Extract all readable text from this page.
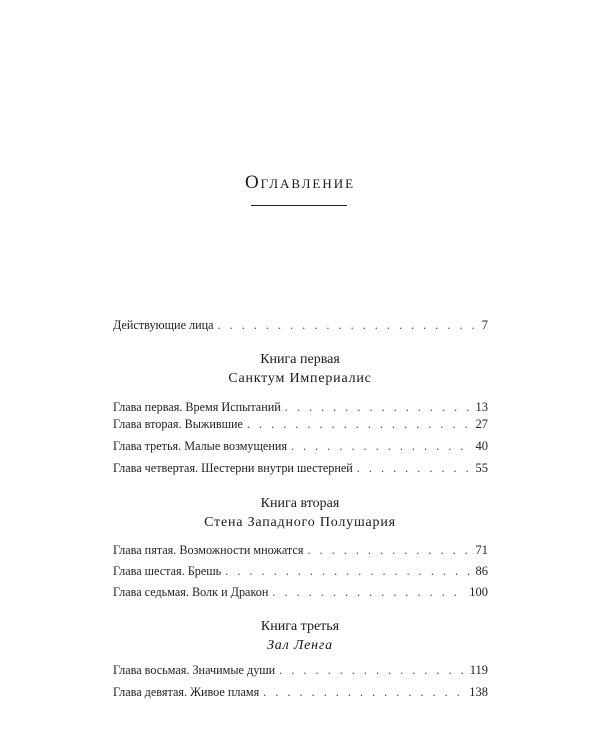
Оглавление
Действующие лица . . .	7
Книга первая
Санктум Империалис
Глава первая. Время Испытаний . . .	13
Глава вторая. Выжившие . . .	27
Глава третья. Малые возмущения . . .	40
Глава четвертая. Шестерни внутри шестерней . . .	55
Книга вторая
Стена Западного Полушария
Глава пятая. Возможности множатся . . .	71
Глава шестая. Брешь . . .	86
Глава седьмая. Волк и Дракон . . .	100
Книга третья
Зал Ленга
Глава восьмая. Значимые души . . .	119
Глава девятая. Живое пламя . . .	138
